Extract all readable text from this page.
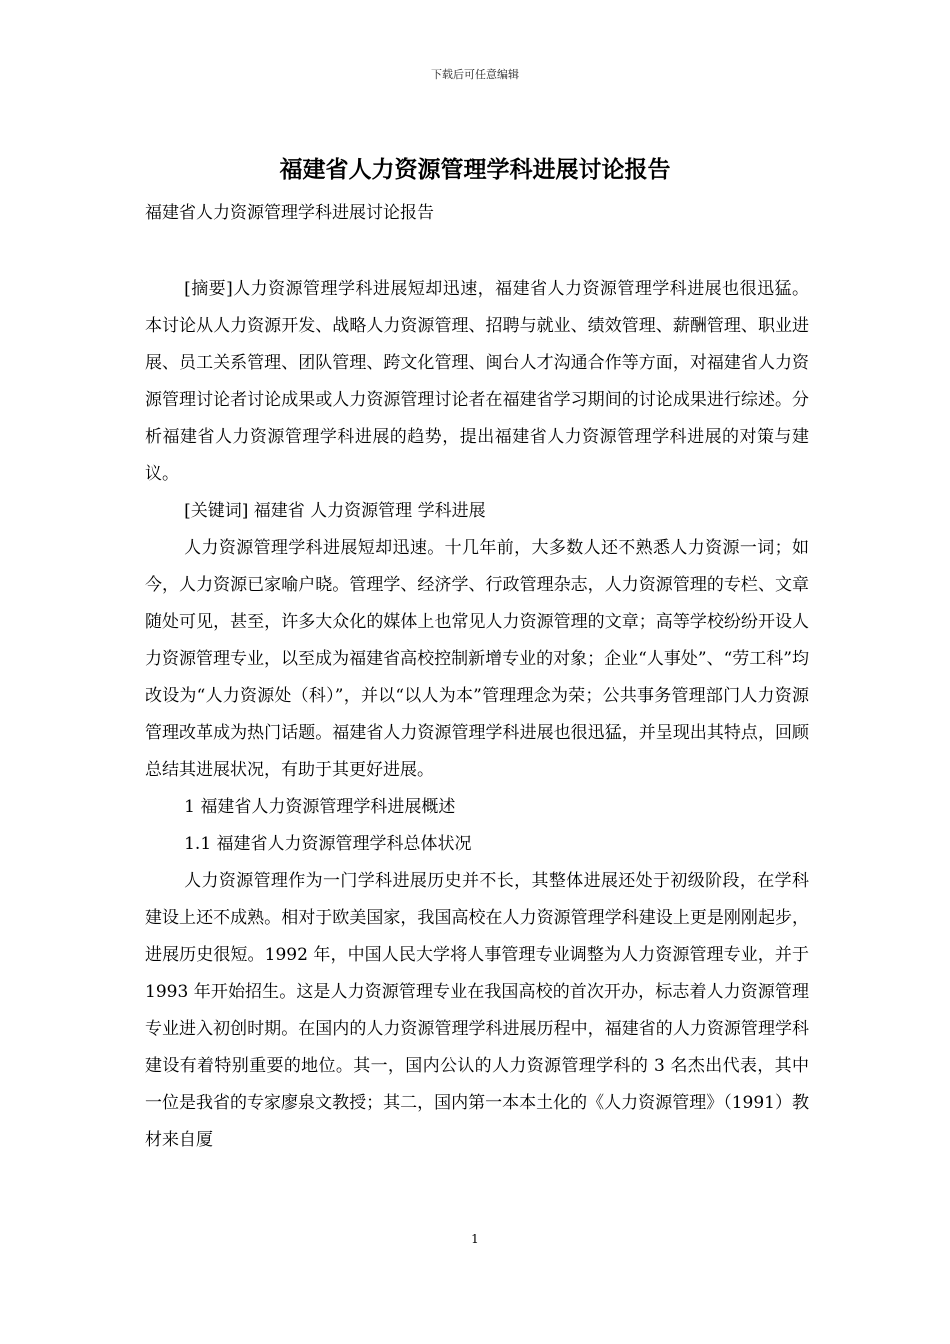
下载后可任意编辑
福建省人力资源管理学科进展讨论报告
福建省人力资源管理学科进展讨论报告

[摘要]人力资源管理学科进展短却迅速，福建省人力资源管理学科进展也很迅猛。本讨论从人力资源开发、战略人力资源管理、招聘与就业、绩效管理、薪酬管理、职业进展、员工关系管理、团队管理、跨文化管理、闽台人才沟通合作等方面，对福建省人力资源管理讨论者讨论成果或人力资源管理讨论者在福建省学习期间的讨论成果进行综述。分析福建省人力资源管理学科进展的趋势，提出福建省人力资源管理学科进展的对策与建议。

[关键词] 福建省 人力资源管理 学科进展

人力资源管理学科进展短却迅速。十几年前，大多数人还不熟悉人力资源一词；如今，人力资源已家喻户晓。管理学、经济学、行政管理杂志，人力资源管理的专栏、文章随处可见，甚至，许多大众化的媒体上也常见人力资源管理的文章；高等学校纷纷开设人力资源管理专业，以至成为福建省高校控制新增专业的对象；企业“人事处”、“劳工科”均改设为“人力资源处（科）”，并以“以人为本”管理理念为荣；公共事务管理部门人力资源管理改革成为热门话题。福建省人力资源管理学科进展也很迅猛，并呈现出其特点，回顾总结其进展状况，有助于其更好进展。

1 福建省人力资源管理学科进展概述

1.1 福建省人力资源管理学科总体状况

人力资源管理作为一门学科进展历史并不长，其整体进展还处于初级阶段，在学科建设上还不成熟。相对于欧美国家，我国高校在人力资源管理学科建设上更是刚刚起步，进展历史很短。1992 年，中国人民大学将人事管理专业调整为人力资源管理专业，并于 1993 年开始招生。这是人力资源管理专业在我国高校的首次开办，标志着人力资源管理专业进入初创时期。在国内的人力资源管理学科进展历程中，福建省的人力资源管理学科建设有着特别重要的地位。其一，国内公认的人力资源管理学科的 3 名杰出代表，其中一位是我省的专家廖泉文教授；其二，国内第一本本土化的《人力资源管理》（1991）教材来自厦

1
